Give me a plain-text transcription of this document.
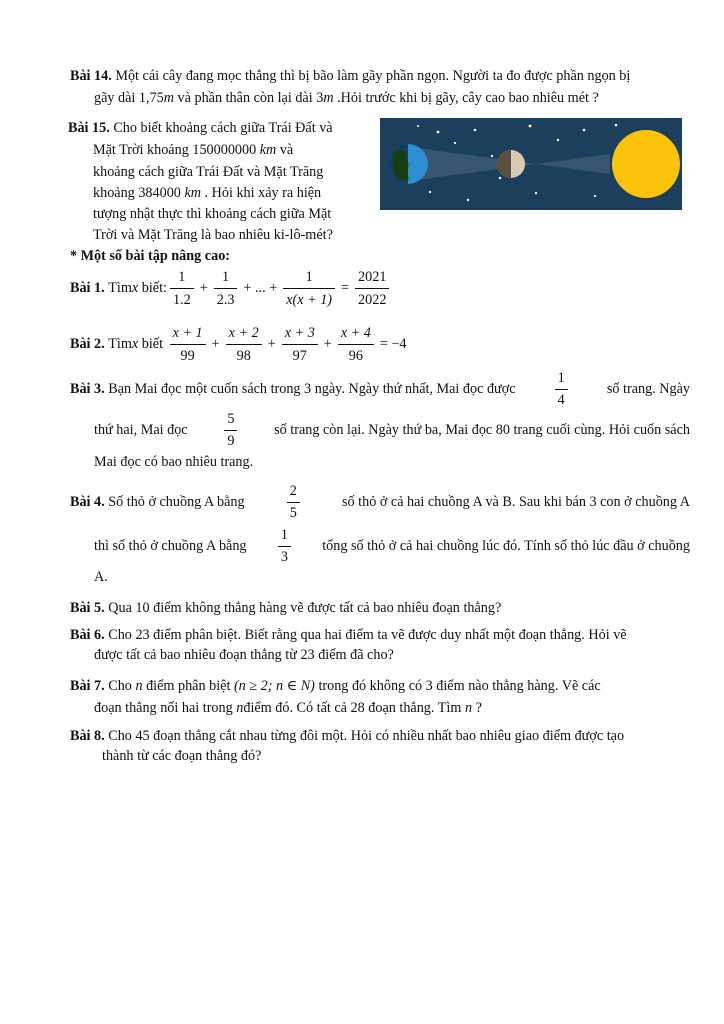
Bài 14. Một cái cây đang mọc thẳng thì bị bão làm gãy phần ngọn. Người ta đo được phần ngọn bị
gãy dài 1,75m và phần thân còn lại dài 3m .Hỏi trước khi bị gãy, cây cao bao nhiêu mét ?
Bài 15. Cho biết khoảng cách giữa Trái Đất và
Mặt Trời khoảng 150000000 km và
khoảng cách giữa Trái Đất và Mặt Trăng
khoảng 384000 km . Hỏi khi xảy ra hiện
tượng nhật thực thì khoảng cách giữa Mặt
Trời và Mặt Trăng là bao nhiêu ki-lô-mét?
* Một số bài tập nâng cao:
Bài 1.
Tìm x
biết: $\frac{1}{1.2} + \frac{1}{2.3}$ + ... + $\frac{1}{x(x + 1)} = \frac{2021}{2022}$
Bài 2.
Tìm x
biết
$\frac{x + 1}{99} + \frac{x + 2}{98} + \frac{x + 3}{97} + \frac{x + 4}{96} = -4$
Bài 3. Bạn Mai đọc một cuốn sách trong 3 ngày. Ngày thứ nhất, Mai đọc được	$\frac{1}{4}$	số trang. Ngày
thứ hai, Mai đọc	$\frac{5}{9}$	số trang còn lại. Ngày thứ ba, Mai đọc 80 trang cuối cùng. Hỏi cuốn sách
Mai đọc có bao nhiêu trang.
Bài 4. Số thỏ ở chuồng A bằng	$\frac{2}{5}$	số thỏ ở cả hai chuồng A và B. Sau khi bán 3 con ở chuồng A
thì số thỏ ở chuồng A bằng $\frac{1}{3}$ tổng số thỏ ở cả hai chuồng lúc đó. Tính số thỏ lúc đầu ở chuồng
A.
Bài 5. Qua 10 điểm không thẳng hàng vẽ được tất cả bao nhiêu đoạn thẳng?
Bài 6. Cho 23 điểm phân biệt. Biết rằng qua hai điểm ta vẽ được duy nhất một đoạn thẳng. Hỏi vẽ
được tất cả bao nhiêu đoạn thẳng từ 23 điểm đã cho?
Bài 7. Cho n điểm phân biệt (n ≥ 2; n ∈ N) trong đó không có 3 điểm nào thẳng hàng. Vẽ các
đoạn thẳng nối hai trong nđiểm đó. Có tất cả 28 đoạn thẳng. Tìm n ?
Bài 8. Cho 45 đoạn thẳng cắt nhau từng đôi một. Hỏi có nhiều nhất bao nhiêu giao điểm được tạo
thành từ các đoạn thẳng đó?
